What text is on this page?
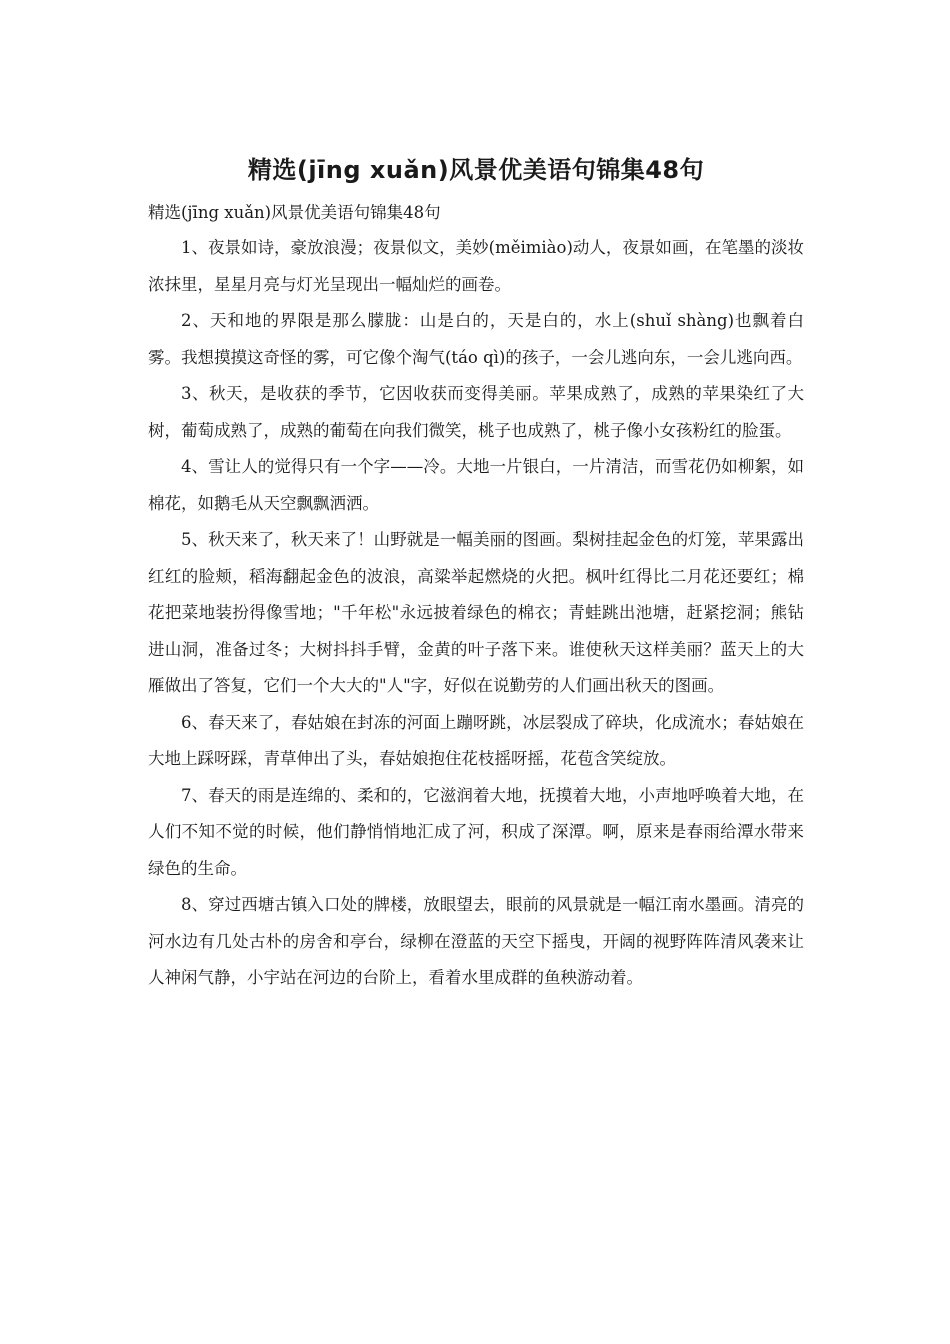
精选(jīng xuǎn)风景优美语句锦集48句

精选(jīng xuǎn)风景优美语句锦集48句

1、夜景如诗，豪放浪漫；夜景似文，美妙(měimiào)动人，夜景如画，在笔墨的淡妆浓抹里，星星月亮与灯光呈现出一幅灿烂的画卷。

2、天和地的界限是那么朦胧：山是白的，天是白的，水上(shuǐ shàng)也飘着白雾。我想摸摸这奇怪的雾，可它像个淘气(táo qì)的孩子，一会儿逃向东，一会儿逃向西。

3、秋天，是收获的季节，它因收获而变得美丽。苹果成熟了，成熟的苹果染红了大树，葡萄成熟了，成熟的葡萄在向我们微笑，桃子也成熟了，桃子像小女孩粉红的脸蛋。

4、雪让人的觉得只有一个字——冷。大地一片银白，一片清洁，而雪花仍如柳絮，如棉花，如鹅毛从天空飘飘洒洒。

5、秋天来了，秋天来了！山野就是一幅美丽的图画。梨树挂起金色的灯笼，苹果露出红红的脸颊，稻海翻起金色的波浪，高粱举起燃烧的火把。枫叶红得比二月花还要红；棉花把菜地装扮得像雪地；"千年松"永远披着绿色的棉衣；青蛙跳出池塘，赶紧挖洞；熊钻进山洞，准备过冬；大树抖抖手臂，金黄的叶子落下来。谁使秋天这样美丽？蓝天上的大雁做出了答复，它们一个大大的"人"字，好似在说勤劳的人们画出秋天的图画。

6、春天来了，春姑娘在封冻的河面上蹦呀跳，冰层裂成了碎块，化成流水；春姑娘在大地上踩呀踩，青草伸出了头，春姑娘抱住花枝摇呀摇，花苞含笑绽放。

7、春天的雨是连绵的、柔和的，它滋润着大地，抚摸着大地，小声地呼唤着大地，在人们不知不觉的时候，他们静悄悄地汇成了河，积成了深潭。啊，原来是春雨给潭水带来绿色的生命。

8、穿过西塘古镇入口处的牌楼，放眼望去，眼前的风景就是一幅江南水墨画。清亮的河水边有几处古朴的房舍和亭台，绿柳在澄蓝的天空下摇曳，开阔的视野阵阵清风袭来让人神闲气静，小宇站在河边的台阶上，看着水里成群的鱼秧游动着。
